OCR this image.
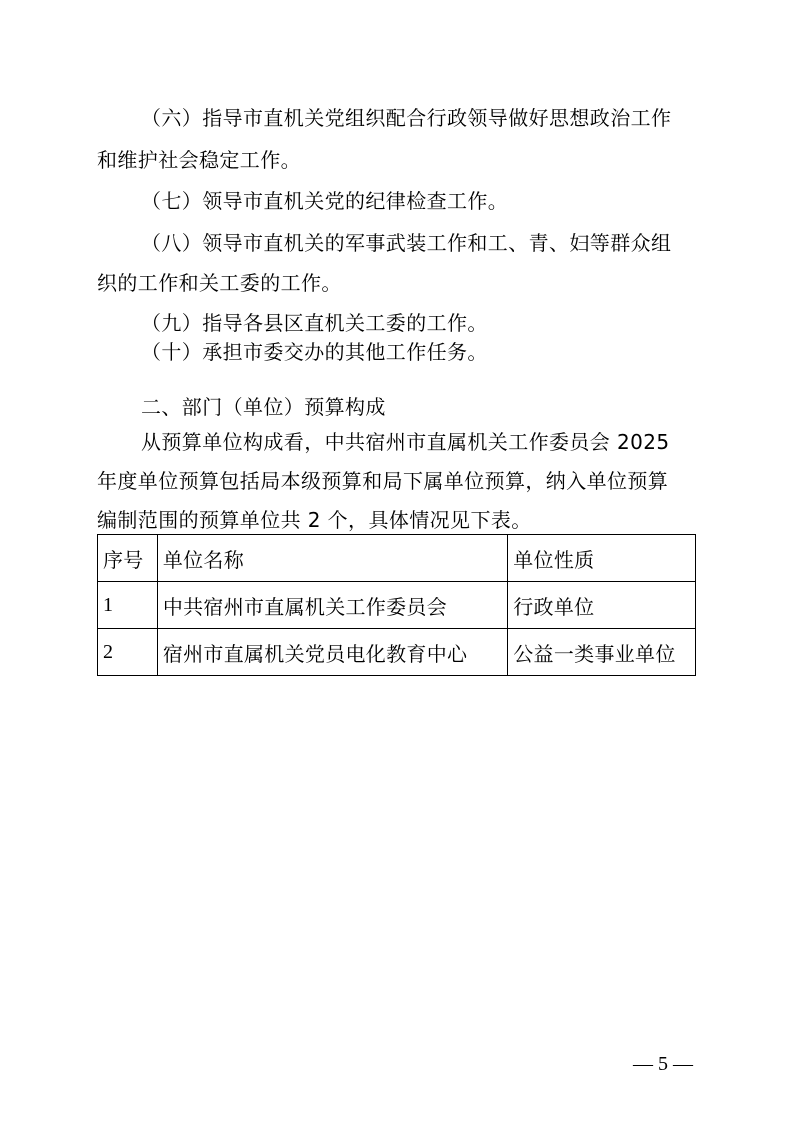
（六）指导市直机关党组织配合行政领导做好思想政治工作
和维护社会稳定工作。
（七）领导市直机关党的纪律检查工作。
（八）领导市直机关的军事武装工作和工、青、妇等群众组
织的工作和关工委的工作。
（九）指导各县区直机关工委的工作。
（十）承担市委交办的其他工作任务。
二、部门（单位）预算构成
从预算单位构成看，中共宿州市直属机关工作委员会 2025
年度单位预算包括局本级预算和局下属单位预算，纳入单位预算
编制范围的预算单位共 2 个，具体情况见下表。
序号	单位名称	单位性质
1	中共宿州市直属机关工作委员会	行政单位
2	宿州市直属机关党员电化教育中心	公益一类事业单位
— 5 —
